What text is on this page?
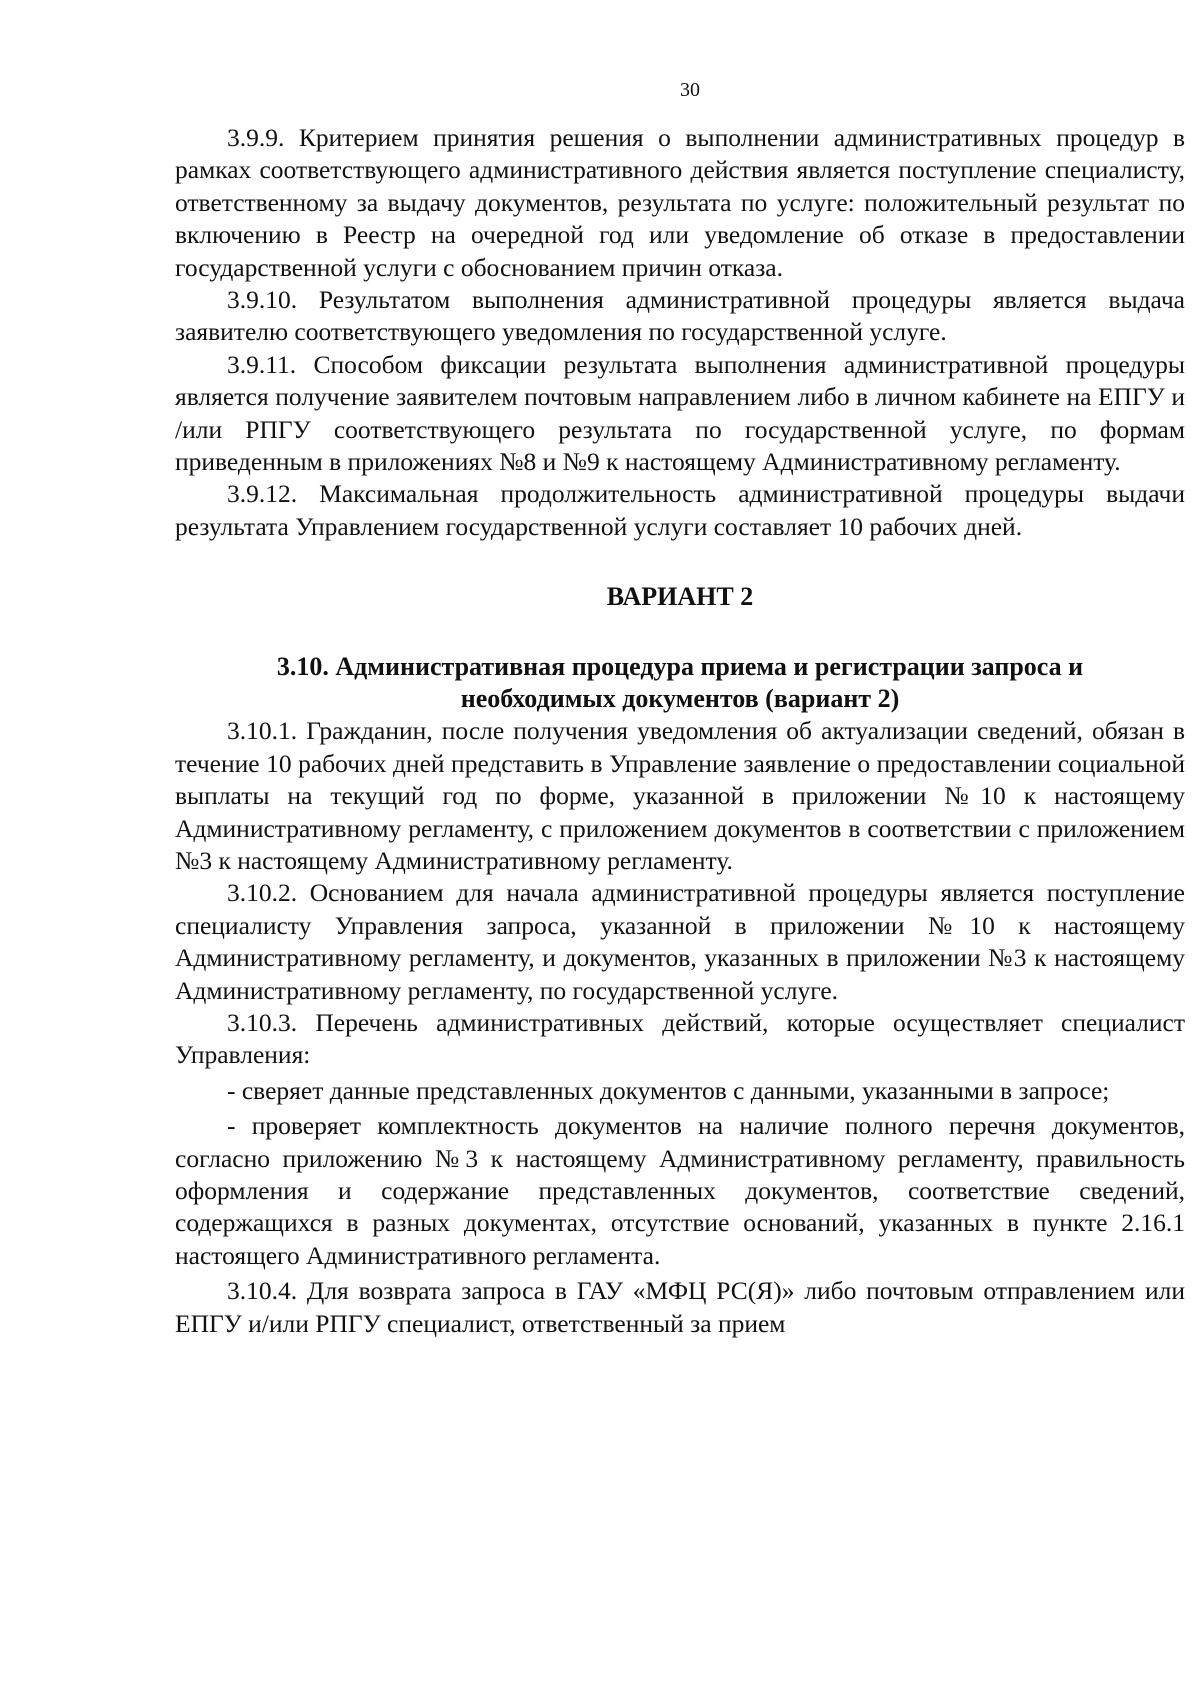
30

3.9.9. Критерием принятия решения о выполнении административных процедур в рамках соответствующего административного действия является поступление специалисту, ответственному за выдачу документов, результата по услуге: положительный результат по включению в Реестр на очередной год или уведомление об отказе в предоставлении государственной услуги с обоснованием причин отказа.

3.9.10. Результатом выполнения административной процедуры является выдача заявителю соответствующего уведомления по государственной услуге.

3.9.11. Способом фиксации результата выполнения административной процедуры является получение заявителем почтовым направлением либо в личном кабинете на ЕПГУ и /или РПГУ соответствующего результата по государственной услуге, по формам приведенным в приложениях №8 и №9 к настоящему Административному регламенту.

3.9.12. Максимальная продолжительность административной процедуры выдачи результата Управлением государственной услуги составляет 10 рабочих дней.

ВАРИАНТ 2
3.10. Административная процедура приема и регистрации запроса и
необходимых документов (вариант 2)

3.10.1. Гражданин, после получения уведомления об актуализации сведений, обязан в течение 10 рабочих дней представить в Управление заявление о предоставлении социальной выплаты на текущий год по форме, указанной в приложении №10 к настоящему Административному регламенту, с приложением документов в соответствии с приложением №3 к настоящему Административному регламенту.

3.10.2. Основанием для начала административной процедуры является поступление специалисту Управления запроса, указанной в приложении №10 к настоящему Административному регламенту, и документов, указанных в приложении №3 к настоящему Административному регламенту, по государственной услуге.

3.10.3. Перечень административных действий, которые осуществляет специалист Управления:

- сверяет данные представленных документов с данными, указанными в запросе;

- проверяет комплектность документов на наличие полного перечня документов, согласно приложению №3 к настоящему Административному регламенту, правильность оформления и содержание представленных документов, соответствие сведений, содержащихся в разных документах, отсутствие оснований, указанных в пункте 2.16.1 настоящего Административного регламента.

3.10.4. Для возврата запроса в ГАУ «МФЦ РС(Я)» либо почтовым отправлением или ЕПГУ и/или РПГУ специалист, ответственный за прием
